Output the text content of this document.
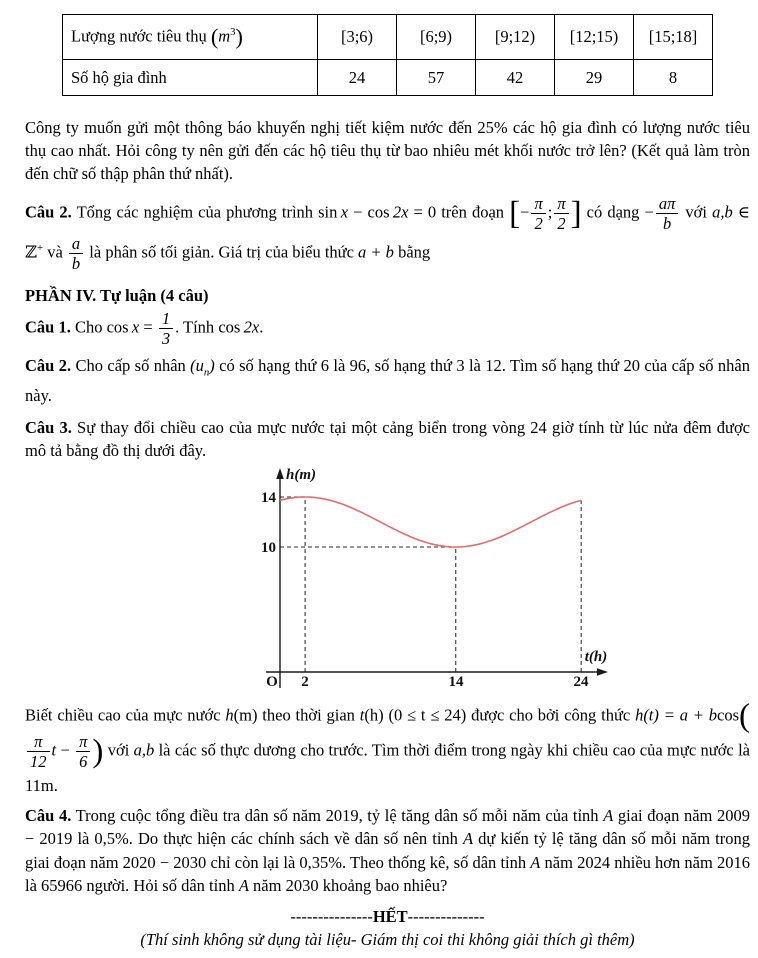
Lượng nước tiêu thụ $(m^3)$	[3;6)	[6;9)	[9;12)	[12;15)	[15;18]
Số hộ gia đình	24	57	42	29	8

Công ty muốn gửi một thông báo khuyến nghị tiết kiệm nước đến 25% các hộ gia đình có lượng nước tiêu thụ cao nhất. Hỏi công ty nên gửi đến các hộ tiêu thụ từ bao nhiêu mét khối nước trở lên? (Kết quả làm tròn đến chữ số thập phân thứ nhất).

Câu 2. Tổng các nghiệm của phương trình sin  x − cos  2x = 0 trên đoạn [− $\frac{\pi}{2}$ ; $\frac{\pi}{2}$ ] có dạng − $\frac{a\pi}{b}$ với a,b ∈ ℤ+ và $\frac{a}{b}$ là phân số tối giản. Giá trị của biểu thức a + b bằng

PHẦN IV. Tự luận (4 câu)

Câu 1. Cho $\cos x = \frac{1}{3}$ . Tính cos  2x.

Câu 2. Cho cấp số nhân $(u_n)$ có số hạng thứ 6 là 96, số hạng thứ 3 là 12. Tìm số hạng thứ 20 của cấp số nhân này.

Câu 3. Sự thay đổi chiều cao của mực nước tại một cảng biển trong vòng 24 giờ tính từ lúc nửa đêm được mô tả bằng đồ thị dưới đây.

h(m)
t(h)
O
14
10
2	14	24

Biết chiều cao của mực nước h(m) theo thời gian t(h) (0 ≤ t ≤ 24) được cho bởi công thức h(t) = a + bcos(
$\frac{\pi}{12}$ $t - \frac{\pi}{6}$ ) với a,b là các số thực dương cho trước. Tìm thời điểm trong ngày khi chiều cao của mực nước là 11m.

Câu 4. Trong cuộc tổng điều tra dân số năm 2019, tỷ lệ tăng dân số mỗi năm của tỉnh A giai đoạn năm 2009 − 2019 là 0,5%. Do thực hiện các chính sách về dân số nên tỉnh A dự kiến tỷ lệ tăng dân số mỗi năm trong giai đoạn năm 2020 − 2030 chỉ còn lại là 0,35%. Theo thống kê, số dân tỉnh A năm 2024 nhiều hơn năm 2016 là 65966 người. Hỏi số dân tỉnh A năm 2030 khoảng bao nhiêu?

---------------HẾT--------------

(Thí sinh không sử dụng tài liệu- Giám thị coi thi không giải thích gì thêm)
